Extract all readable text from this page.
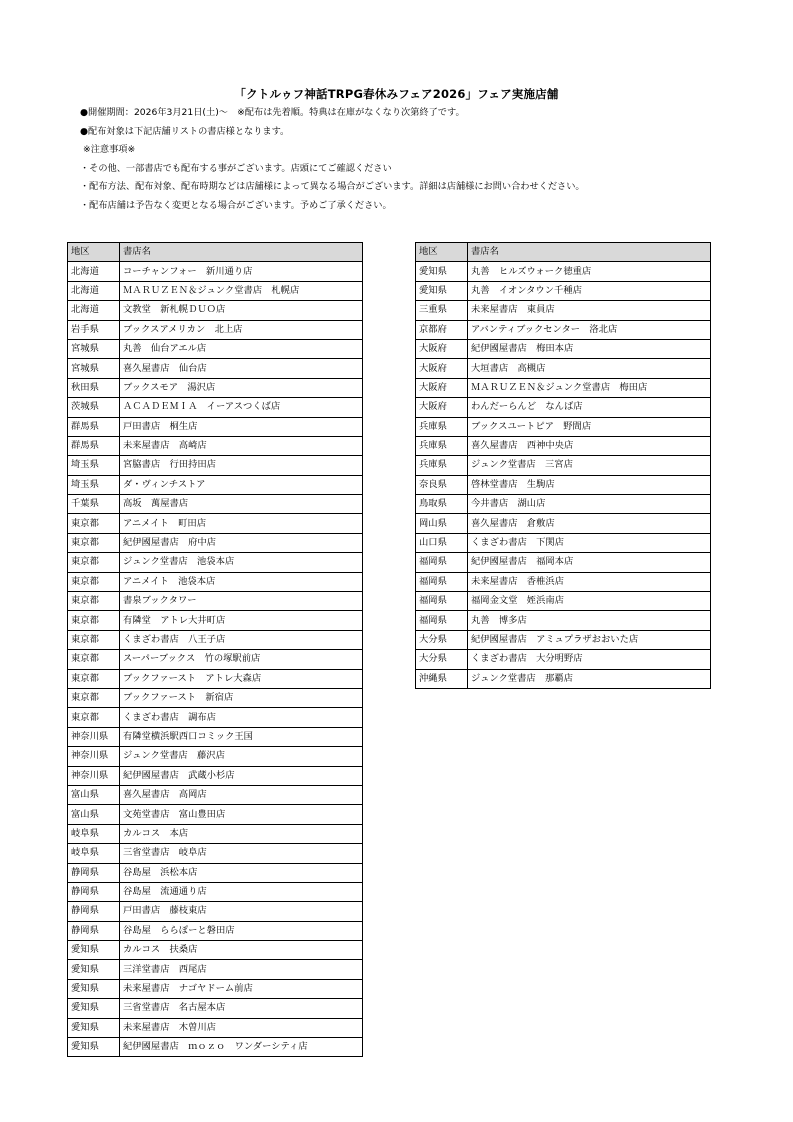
「クトルゥフ神話TRPG春休みフェア2026」フェア実施店舗
●開催期間：2026年3月21日(土)～　※配布は先着順。特典は在庫がなくなり次第終了です。
●配布対象は下記店舗リストの書店様となります。
※注意事項※
・その他、一部書店でも配布する事がございます。店頭にてご確認ください
・配布方法、配布対象、配布時期などは店舗様によって異なる場合がございます。詳細は店舗様にお問い合わせください。
・配布店舗は予告なく変更となる場合がございます。予めご了承ください。
地区	書店名
北海道	コーチャンフォー　新川通り店
北海道	ＭＡＲＵＺＥＮ＆ジュンク堂書店　札幌店
北海道	文教堂　新札幌ＤＵＯ店
岩手県	ブックスアメリカン　北上店
宮城県	丸善　仙台アエル店
宮城県	喜久屋書店　仙台店
秋田県	ブックスモア　湯沢店
茨城県	ＡＣＡＤＥＭＩＡ　イーアスつくば店
群馬県	戸田書店　桐生店
群馬県	未来屋書店　高崎店
埼玉県	宮脇書店　行田持田店
埼玉県	ダ・ヴィンチストア
千葉県	高坂　萬屋書店
東京都	アニメイト　町田店
東京都	紀伊國屋書店　府中店
東京都	ジュンク堂書店　池袋本店
東京都	アニメイト　池袋本店
東京都	書泉ブックタワー
東京都	有隣堂　アトレ大井町店
東京都	くまざわ書店　八王子店
東京都	スーパーブックス　竹の塚駅前店
東京都	ブックファースト　アトレ大森店
東京都	ブックファースト　新宿店
東京都	くまざわ書店　調布店
神奈川県	有隣堂横浜駅西口コミック王国
神奈川県	ジュンク堂書店　藤沢店
神奈川県	紀伊國屋書店　武蔵小杉店
富山県	喜久屋書店　高岡店
富山県	文苑堂書店　富山豊田店
岐阜県	カルコス　本店
岐阜県	三省堂書店　岐阜店
静岡県	谷島屋　浜松本店
静岡県	谷島屋　流通通り店
静岡県	戸田書店　藤枝東店
静岡県	谷島屋　ららぽーと磐田店
愛知県	カルコス　扶桑店
愛知県	三洋堂書店　西尾店
愛知県	未来屋書店　ナゴヤドーム前店
愛知県	三省堂書店　名古屋本店
愛知県	未来屋書店　木曽川店
愛知県	紀伊國屋書店　ｍｏｚｏ　ワンダーシティ店
地区	書店名
愛知県	丸善　ヒルズウォーク徳重店
愛知県	丸善　イオンタウン千種店
三重県	未来屋書店　東員店
京都府	アバンティブックセンター　洛北店
大阪府	紀伊國屋書店　梅田本店
大阪府	大垣書店　高槻店
大阪府	ＭＡＲＵＺＥＮ＆ジュンク堂書店　梅田店
大阪府	わんだーらんど　なんば店
兵庫県	ブックスユートピア　野間店
兵庫県	喜久屋書店　西神中央店
兵庫県	ジュンク堂書店　三宮店
奈良県	啓林堂書店　生駒店
鳥取県	今井書店　湖山店
岡山県	喜久屋書店　倉敷店
山口県	くまざわ書店　下関店
福岡県	紀伊國屋書店　福岡本店
福岡県	未来屋書店　香椎浜店
福岡県	福岡金文堂　姪浜南店
福岡県	丸善　博多店
大分県	紀伊國屋書店　アミュプラザおおいた店
大分県	くまざわ書店　大分明野店
沖縄県	ジュンク堂書店　那覇店
